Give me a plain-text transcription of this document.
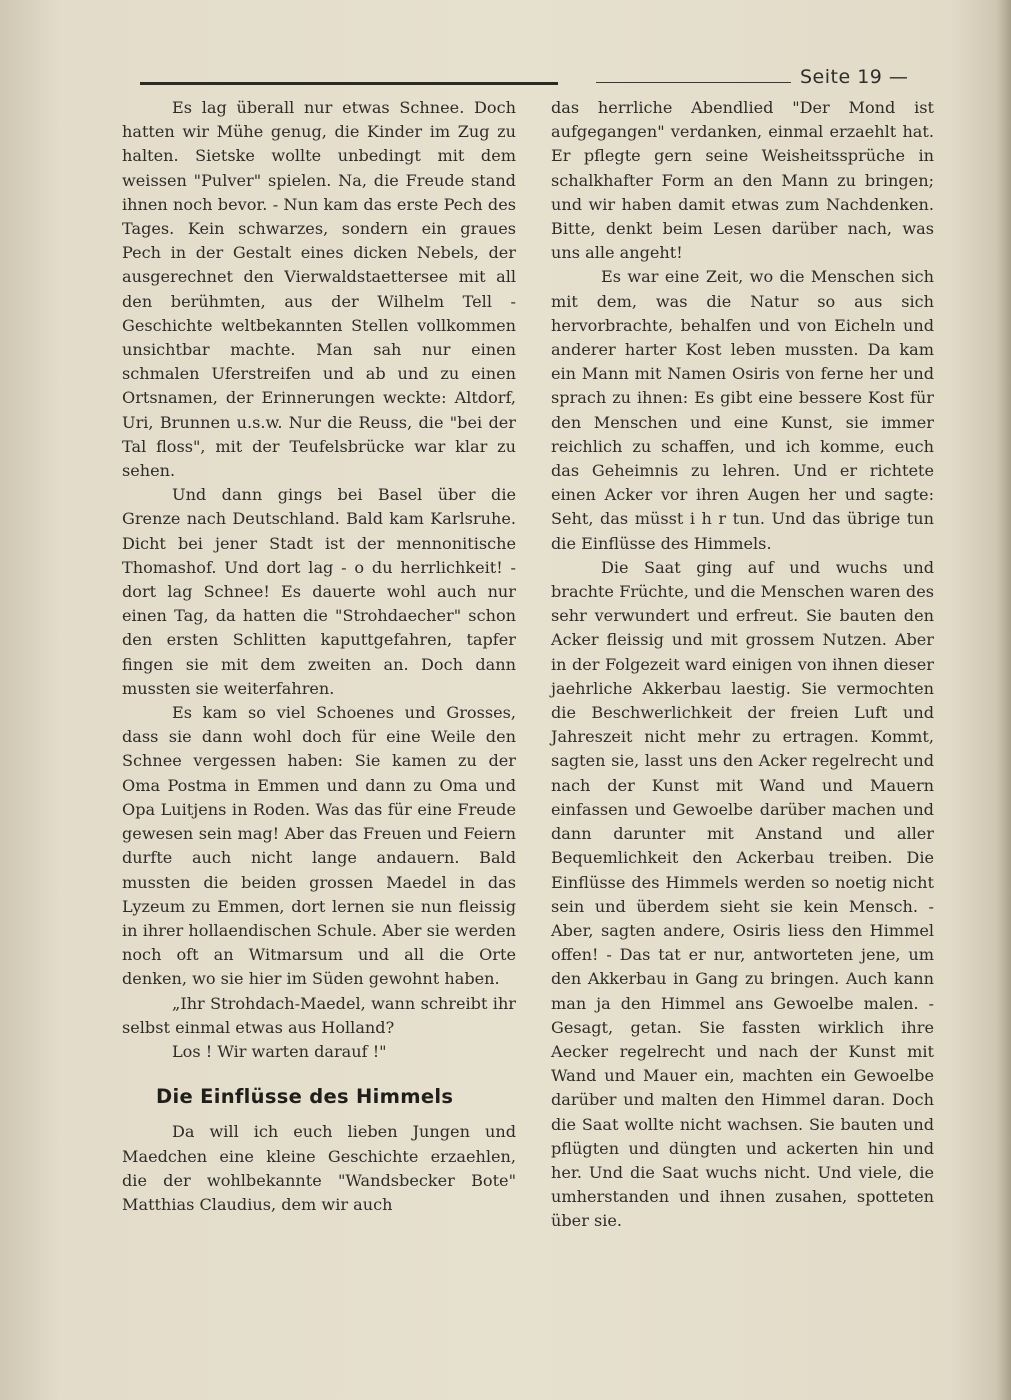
Seite 19 —

Es lag überall nur etwas Schnee. Doch hatten wir Mühe genug, die Kinder im Zug zu halten. Sietske wollte unbedingt mit dem weissen "Pulver" spielen. Na, die Freude stand ihnen noch bevor. - Nun kam das erste Pech des Tages. Kein schwarzes, sondern ein graues Pech in der Gestalt eines dicken Nebels, der ausgerechnet den Vierwaldstaettersee mit all den berühmten, aus der Wilhelm Tell - Geschichte weltbekannten Stellen vollkommen unsichtbar machte. Man sah nur einen schmalen Uferstreifen und ab und zu einen Ortsnamen, der Erinnerungen weckte: Altdorf, Uri, Brunnen u.s.w. Nur die Reuss, die "bei der Tal floss", mit der Teufelsbrücke war klar zu sehen.

Und dann gings bei Basel über die Grenze nach Deutschland. Bald kam Karlsruhe. Dicht bei jener Stadt ist der mennonitische Thomashof. Und dort lag - o du herrlichkeit! - dort lag Schnee! Es dauerte wohl auch nur einen Tag, da hatten die "Strohdaecher" schon den ersten Schlitten kaputtgefahren, tapfer fingen sie mit dem zweiten an. Doch dann mussten sie weiterfahren.

Es kam so viel Schoenes und Grosses, dass sie dann wohl doch für eine Weile den Schnee vergessen haben: Sie kamen zu der Oma Postma in Emmen und dann zu Oma und Opa Luitjens in Roden. Was das für eine Freude gewesen sein mag! Aber das Freuen und Feiern durfte auch nicht lange andauern. Bald mussten die beiden grossen Maedel in das Lyzeum zu Emmen, dort lernen sie nun fleissig in ihrer hollaendischen Schule. Aber sie werden noch oft an Witmarsum und all die Orte denken, wo sie hier im Süden gewohnt haben.

„Ihr Strohdach-Maedel, wann schreibt ihr selbst einmal etwas aus Holland?

Los ! Wir warten darauf !"

Die Einflüsse des Himmels

Da will ich euch lieben Jungen und Maedchen eine kleine Geschichte erzaehlen, die der wohlbekannte "Wandsbecker Bote" Matthias Claudius, dem wir auch

das herrliche Abendlied "Der Mond ist aufgegangen" verdanken, einmal erzaehlt hat. Er pflegte gern seine Weisheitssprüche in schalkhafter Form an den Mann zu bringen; und wir haben damit etwas zum Nachdenken. Bitte, denkt beim Lesen darüber nach, was uns alle angeht!

Es war eine Zeit, wo die Menschen sich mit dem, was die Natur so aus sich hervorbrachte, behalfen und von Eicheln und anderer harter Kost leben mussten. Da kam ein Mann mit Namen Osiris von ferne her und sprach zu ihnen: Es gibt eine bessere Kost für den Menschen und eine Kunst, sie immer reichlich zu schaffen, und ich komme, euch das Geheimnis zu lehren. Und er richtete einen Acker vor ihren Augen her und sagte: Seht, das müsst i h r tun. Und das übrige tun die Einflüsse des Himmels.

Die Saat ging auf und wuchs und brachte Früchte, und die Menschen waren des sehr verwundert und erfreut. Sie bauten den Acker fleissig und mit grossem Nutzen. Aber in der Folgezeit ward einigen von ihnen dieser jaehrliche Akkerbau laestig. Sie vermochten die Beschwerlichkeit der freien Luft und Jahreszeit nicht mehr zu ertragen. Kommt, sagten sie, lasst uns den Acker regelrecht und nach der Kunst mit Wand und Mauern einfassen und Gewoelbe darüber machen und dann darunter mit Anstand und aller Bequemlichkeit den Ackerbau treiben. Die Einflüsse des Himmels werden so noetig nicht sein und überdem sieht sie kein Mensch. - Aber, sagten andere, Osiris liess den Himmel offen! - Das tat er nur, antworteten jene, um den Akkerbau in Gang zu bringen. Auch kann man ja den Himmel ans Gewoelbe malen. - Gesagt, getan. Sie fassten wirklich ihre Aecker regelrecht und nach der Kunst mit Wand und Mauer ein, machten ein Gewoelbe darüber und malten den Himmel daran. Doch die Saat wollte nicht wachsen. Sie bauten und pflügten und düngten und ackerten hin und her. Und die Saat wuchs nicht. Und viele, die umherstanden und ihnen zusahen, spotteten über sie.
